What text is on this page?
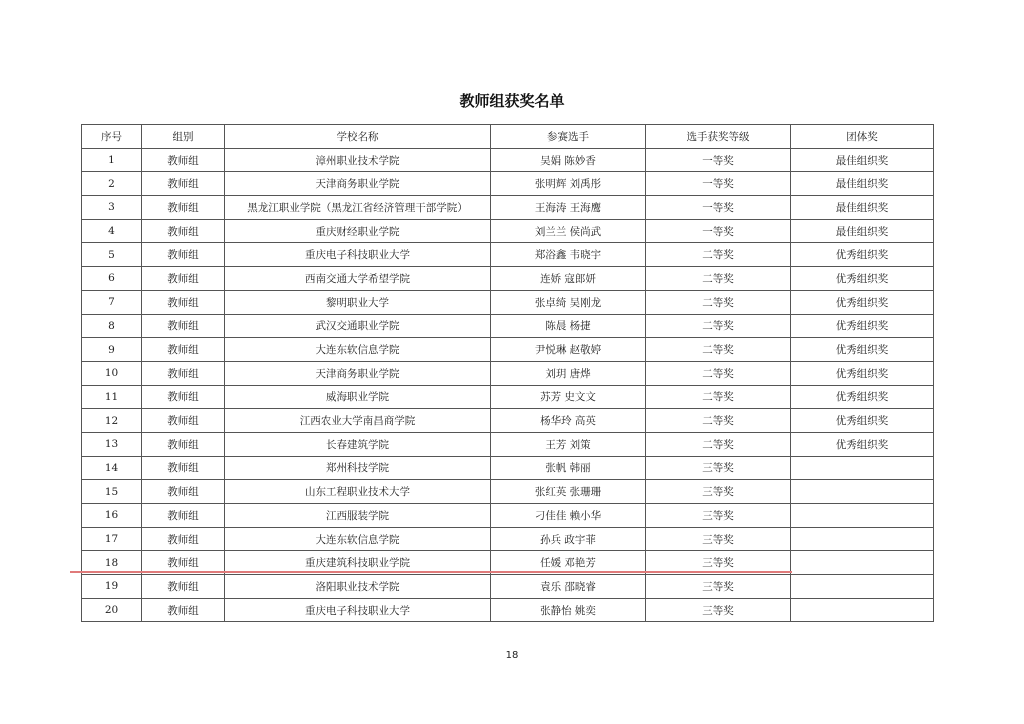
教师组获奖名单
序号	组别	学校名称	参赛选手	选手获奖等级	团体奖
1	教师组	漳州职业技术学院	吴娟 陈妙香	一等奖	最佳组织奖
2	教师组	天津商务职业学院	张明辉 刘禹彤	一等奖	最佳组织奖
3	教师组	黑龙江职业学院（黑龙江省经济管理干部学院）	王海涛 王海鹰	一等奖	最佳组织奖
4	教师组	重庆财经职业学院	刘兰兰 侯尚武	一等奖	最佳组织奖
5	教师组	重庆电子科技职业大学	郑浴鑫 韦晓宇	二等奖	优秀组织奖
6	教师组	西南交通大学希望学院	连娇 寇郎妍	二等奖	优秀组织奖
7	教师组	黎明职业大学	张卓绮 吴刚龙	二等奖	优秀组织奖
8	教师组	武汉交通职业学院	陈晨 杨捷	二等奖	优秀组织奖
9	教师组	大连东软信息学院	尹悦琳 赵敬婷	二等奖	优秀组织奖
10	教师组	天津商务职业学院	刘玥 唐烨	二等奖	优秀组织奖
11	教师组	威海职业学院	苏芳 史文文	二等奖	优秀组织奖
12	教师组	江西农业大学南昌商学院	杨华玲 高英	二等奖	优秀组织奖
13	教师组	长春建筑学院	王芳 刘策	二等奖	优秀组织奖
14	教师组	郑州科技学院	张帆 韩丽	三等奖	
15	教师组	山东工程职业技术大学	张红英 张珊珊	三等奖	
16	教师组	江西服装学院	刁佳佳 赖小华	三等奖	
17	教师组	大连东软信息学院	孙兵 政宇菲	三等奖	
18	教师组	重庆建筑科技职业学院	任媛 邓艳芳	三等奖	
19	教师组	洛阳职业技术学院	袁乐 邵晓睿	三等奖	
20	教师组	重庆电子科技职业大学	张静怡 姚奕	三等奖	
18
